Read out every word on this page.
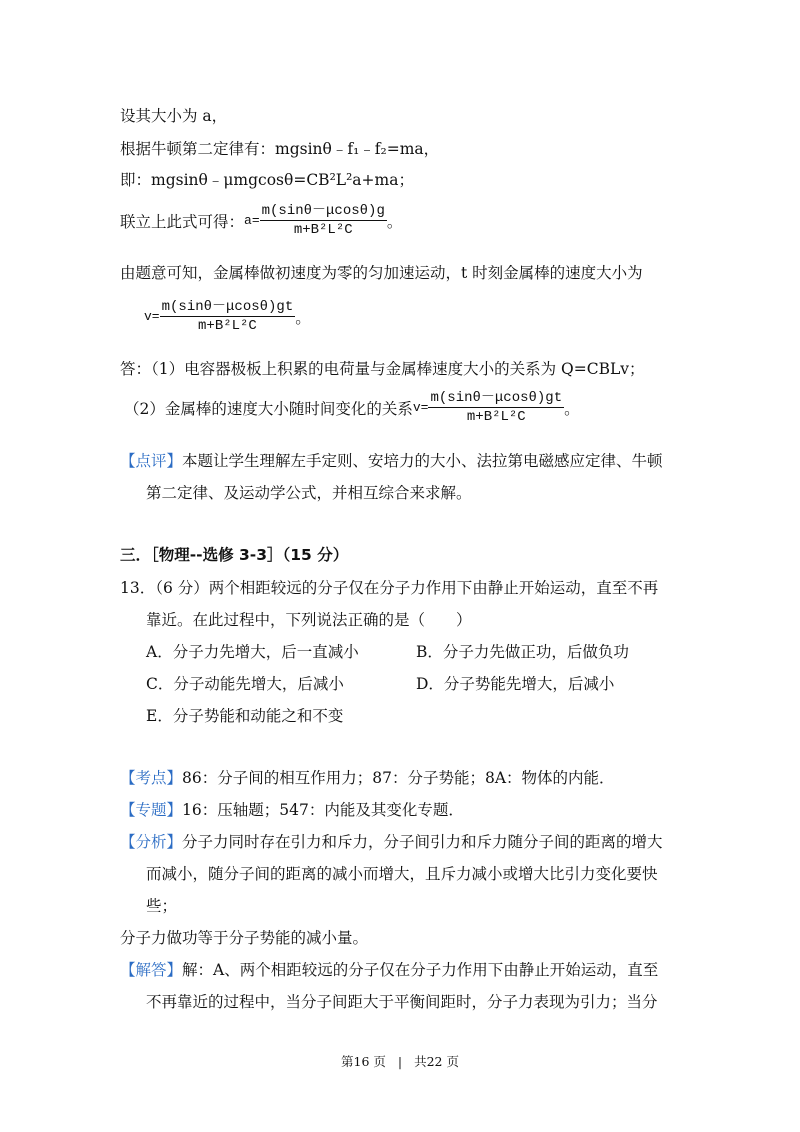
设其大小为 a，
根据牛顿第二定律有：mgsinθ﹣f₁﹣f₂=ma，
即：mgsinθ﹣μmgcosθ=CB²L²a+ma；
联立上此式可得： $a= \frac{m(\sin\theta-\mu\cos\theta)g}{\text{m+B²L²C}}$ 。
由题意可知，金属棒做初速度为零的匀加速运动，t 时刻金属棒的速度大小为
$v= \frac{m(\sin\theta-\mu\cos\theta)gt}{\text{m+B²L²C}}$ 。
答：（1）电容器极板上积累的电荷量与金属棒速度大小的关系为 Q=CBLv；
（2）金属棒的速度大小随时间变化的关系 $v= \frac{m(\sin\theta-\mu\cos\theta)gt}{\text{m+B²L²C}}$ 。
【点评】本题让学生理解左手定则、安培力的大小、法拉第电磁感应定律、牛顿
第二定律、及运动学公式，并相互综合来求解。
三．［物理--选修 3-3］（15 分）
13．（6 分）两个相距较远的分子仅在分子力作用下由静止开始运动，直至不再
靠近。在此过程中，下列说法正确的是（　　）
A．分子力先增大，后一直减小	B．分子力先做正功，后做负功
C．分子动能先增大，后减小	D．分子势能先增大，后减小
E．分子势能和动能之和不变
【考点】86：分子间的相互作用力；87：分子势能；8A：物体的内能．
【专题】16：压轴题；547：内能及其变化专题．
【分析】分子力同时存在引力和斥力，分子间引力和斥力随分子间的距离的增大
而减小，随分子间的距离的减小而增大，且斥力减小或增大比引力变化要快
些；
分子力做功等于分子势能的减小量。
【解答】解：A、两个相距较远的分子仅在分子力作用下由静止开始运动，直至
不再靠近的过程中，当分子间距大于平衡间距时，分子力表现为引力；当分
第16 页 | 共22 页
